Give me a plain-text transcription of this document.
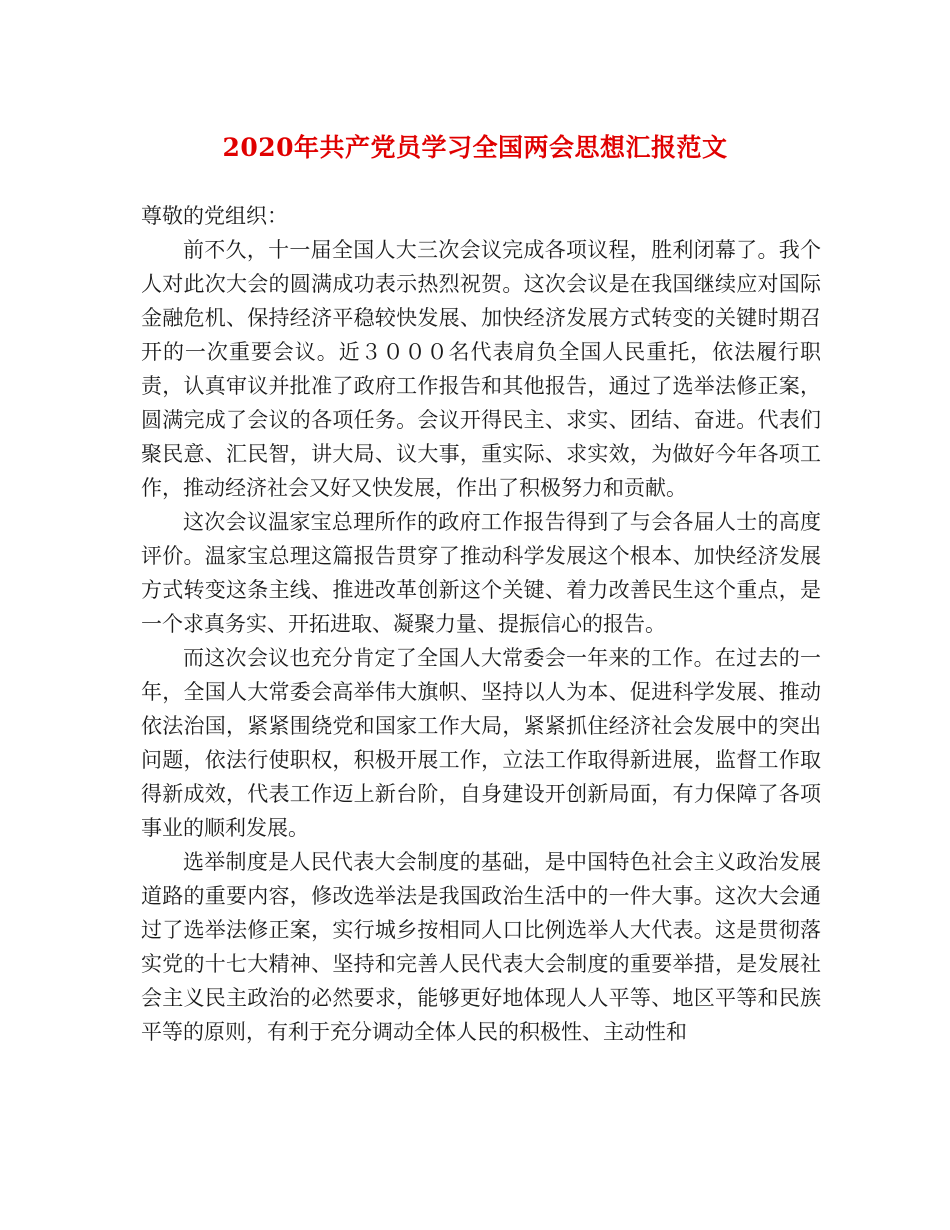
2020年共产党员学习全国两会思想汇报范文

尊敬的党组织：

前不久，十一届全国人大三次会议完成各项议程，胜利闭幕了。我个人对此次大会的圆满成功表示热烈祝贺。这次会议是在我国继续应对国际金融危机、保持经济平稳较快发展、加快经济发展方式转变的关键时期召开的一次重要会议。近３０００名代表肩负全国人民重托，依法履行职责，认真审议并批准了政府工作报告和其他报告，通过了选举法修正案，圆满完成了会议的各项任务。会议开得民主、求实、团结、奋进。代表们聚民意、汇民智，讲大局、议大事，重实际、求实效，为做好今年各项工作，推动经济社会又好又快发展，作出了积极努力和贡献。

这次会议温家宝总理所作的政府工作报告得到了与会各届人士的高度评价。温家宝总理这篇报告贯穿了推动科学发展这个根本、加快经济发展方式转变这条主线、推进改革创新这个关键、着力改善民生这个重点，是一个求真务实、开拓进取、凝聚力量、提振信心的报告。

而这次会议也充分肯定了全国人大常委会一年来的工作。在过去的一年，全国人大常委会高举伟大旗帜、坚持以人为本、促进科学发展、推动依法治国，紧紧围绕党和国家工作大局，紧紧抓住经济社会发展中的突出问题，依法行使职权，积极开展工作，立法工作取得新进展，监督工作取得新成效，代表工作迈上新台阶，自身建设开创新局面，有力保障了各项事业的顺利发展。

选举制度是人民代表大会制度的基础，是中国特色社会主义政治发展道路的重要内容，修改选举法是我国政治生活中的一件大事。这次大会通过了选举法修正案，实行城乡按相同人口比例选举人大代表。这是贯彻落实党的十七大精神、坚持和完善人民代表大会制度的重要举措，是发展社会主义民主政治的必然要求，能够更好地体现人人平等、地区平等和民族平等的原则，有利于充分调动全体人民的积极性、主动性和
